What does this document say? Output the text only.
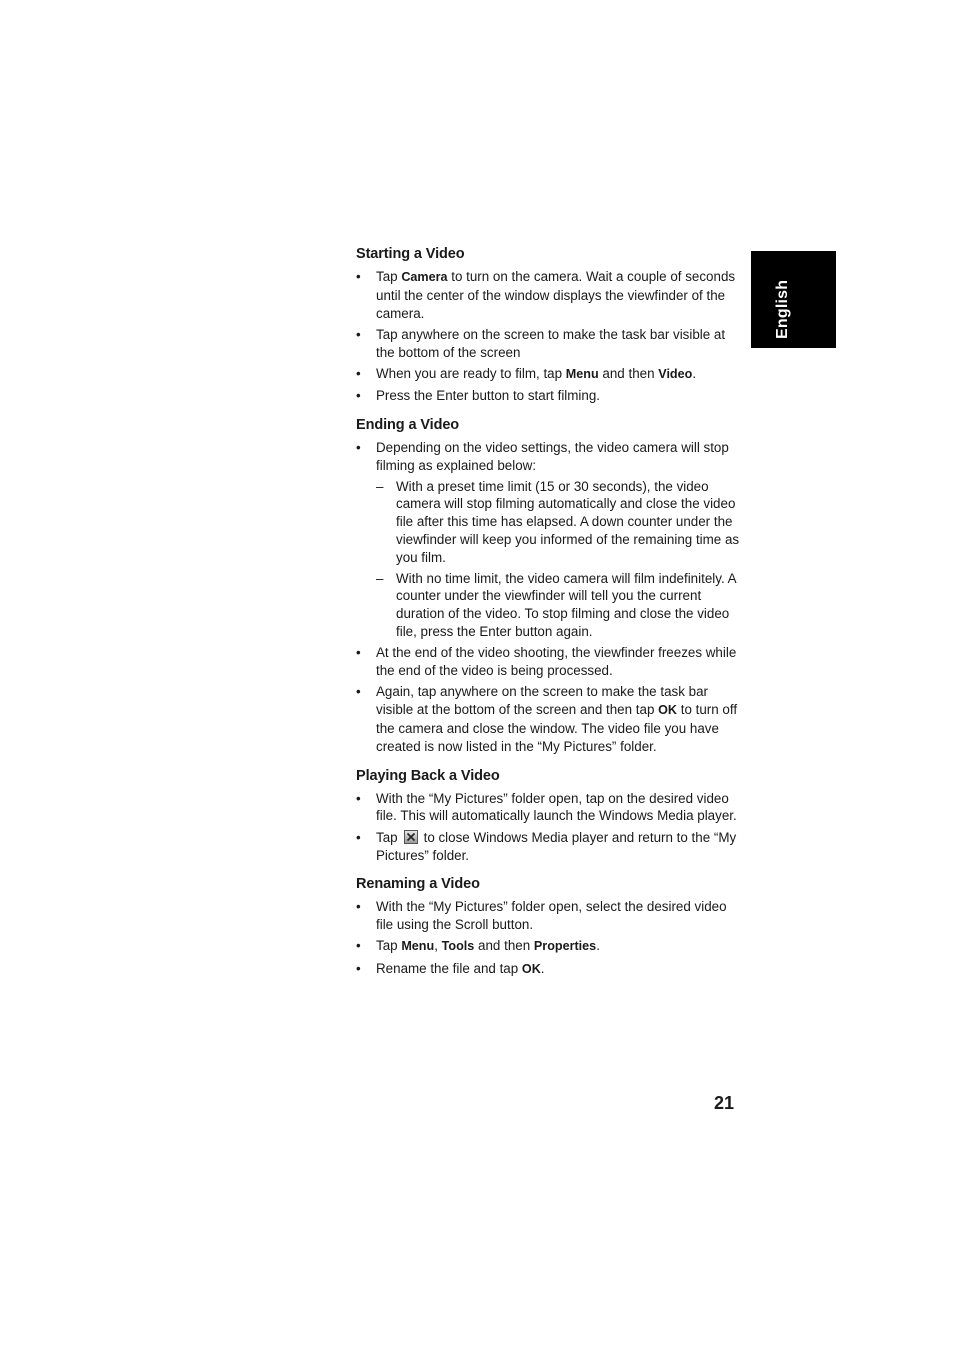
English
Starting a Video
• Tap Camera to turn on the camera. Wait a couple of seconds until the center of the window displays the viewfinder of the camera.
• Tap anywhere on the screen to make the task bar visible at the bottom of the screen
• When you are ready to film, tap Menu and then Video.
• Press the Enter button to start filming.
Ending a Video
• Depending on the video settings, the video camera will stop filming as explained below:
– With a preset time limit (15 or 30 seconds), the video camera will stop filming automatically and close the video file after this time has elapsed. A down counter under the viewfinder will keep you informed of the remaining time as you film.
– With no time limit, the video camera will film indefinitely. A counter under the viewfinder will tell you the current duration of the video. To stop filming and close the video file, press the Enter button again.
• At the end of the video shooting, the viewfinder freezes while the end of the video is being processed.
• Again, tap anywhere on the screen to make the task bar visible at the bottom of the screen and then tap OK to turn off the camera and close the window. The video file you have created is now listed in the “My Pictures” folder.
Playing Back a Video
• With the “My Pictures” folder open, tap on the desired video file. This will automatically launch the Windows Media player.
• Tap to close Windows Media player and return to the “My Pictures” folder.
Renaming a Video
• With the “My Pictures” folder open, select the desired video file using the Scroll button.
• Tap Menu, Tools and then Properties.
• Rename the file and tap OK.
21
